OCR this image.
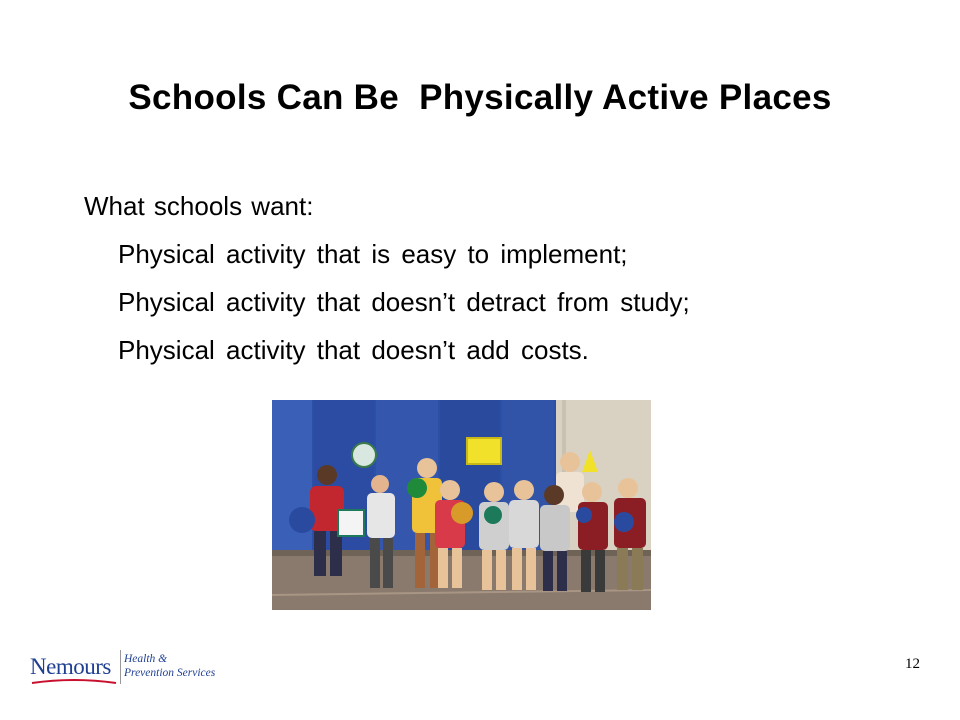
Schools Can Be  Physically Active Places
What schools want:
Physical activity that is easy to implement;
Physical activity that doesn’t detract from study;
Physical activity that doesn’t add costs.
Nemours Health &
Prevention Services
12
